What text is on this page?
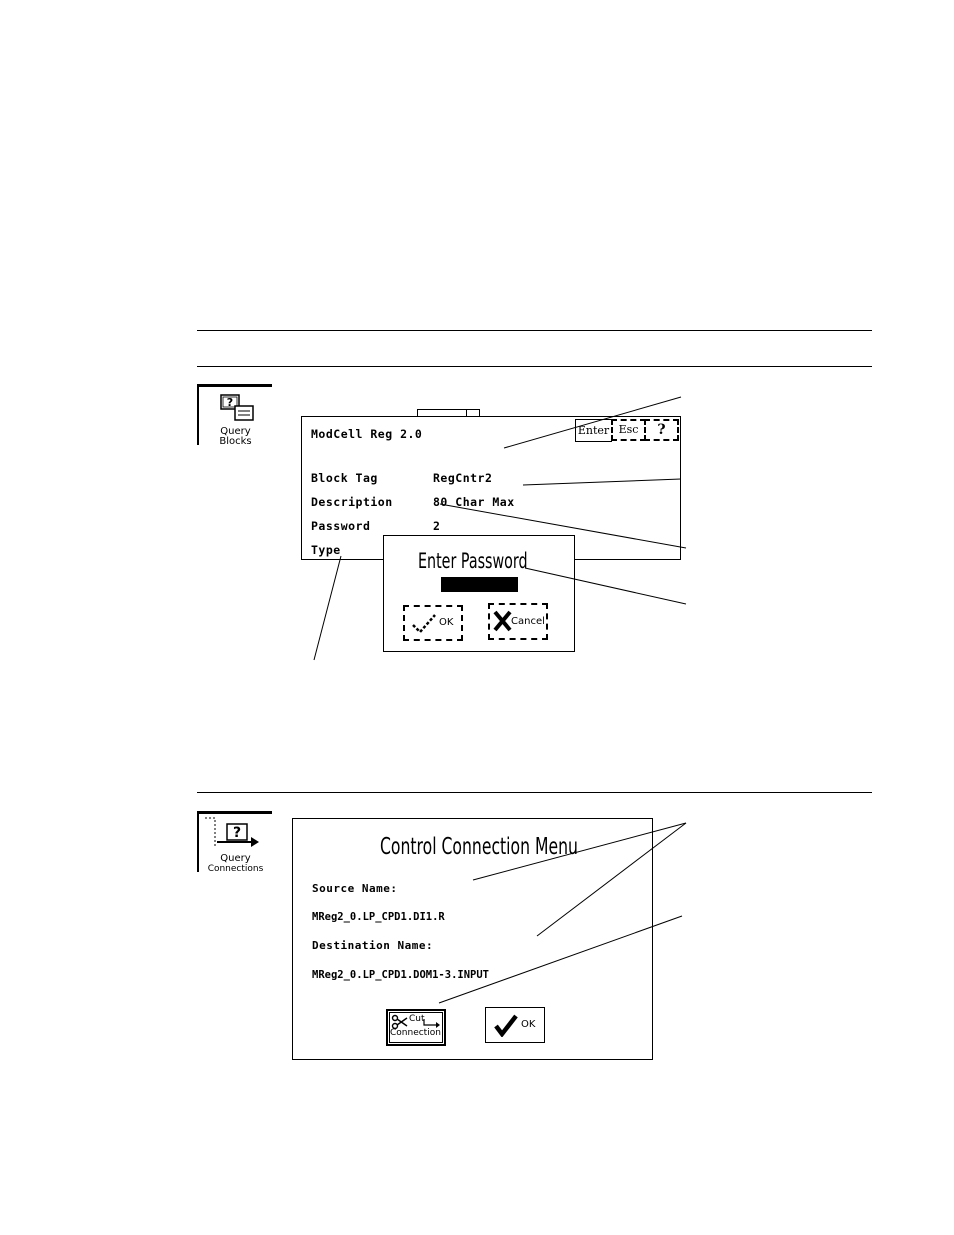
?
Query
Blocks
ModCell Reg 2.0	Enter Esc	?
Block Tag	RegCntr2
Description	80 Char Max
Password	2
Type	Enter Password
OK	Cancel
?
Query
Connections
Control Connection Menu
Source Name:
MReg2_0.LP_CPD1.DI1.R
Destination Name:
MReg2_0.LP_CPD1.DOM1-3.INPUT
Cut
Connection
OK
